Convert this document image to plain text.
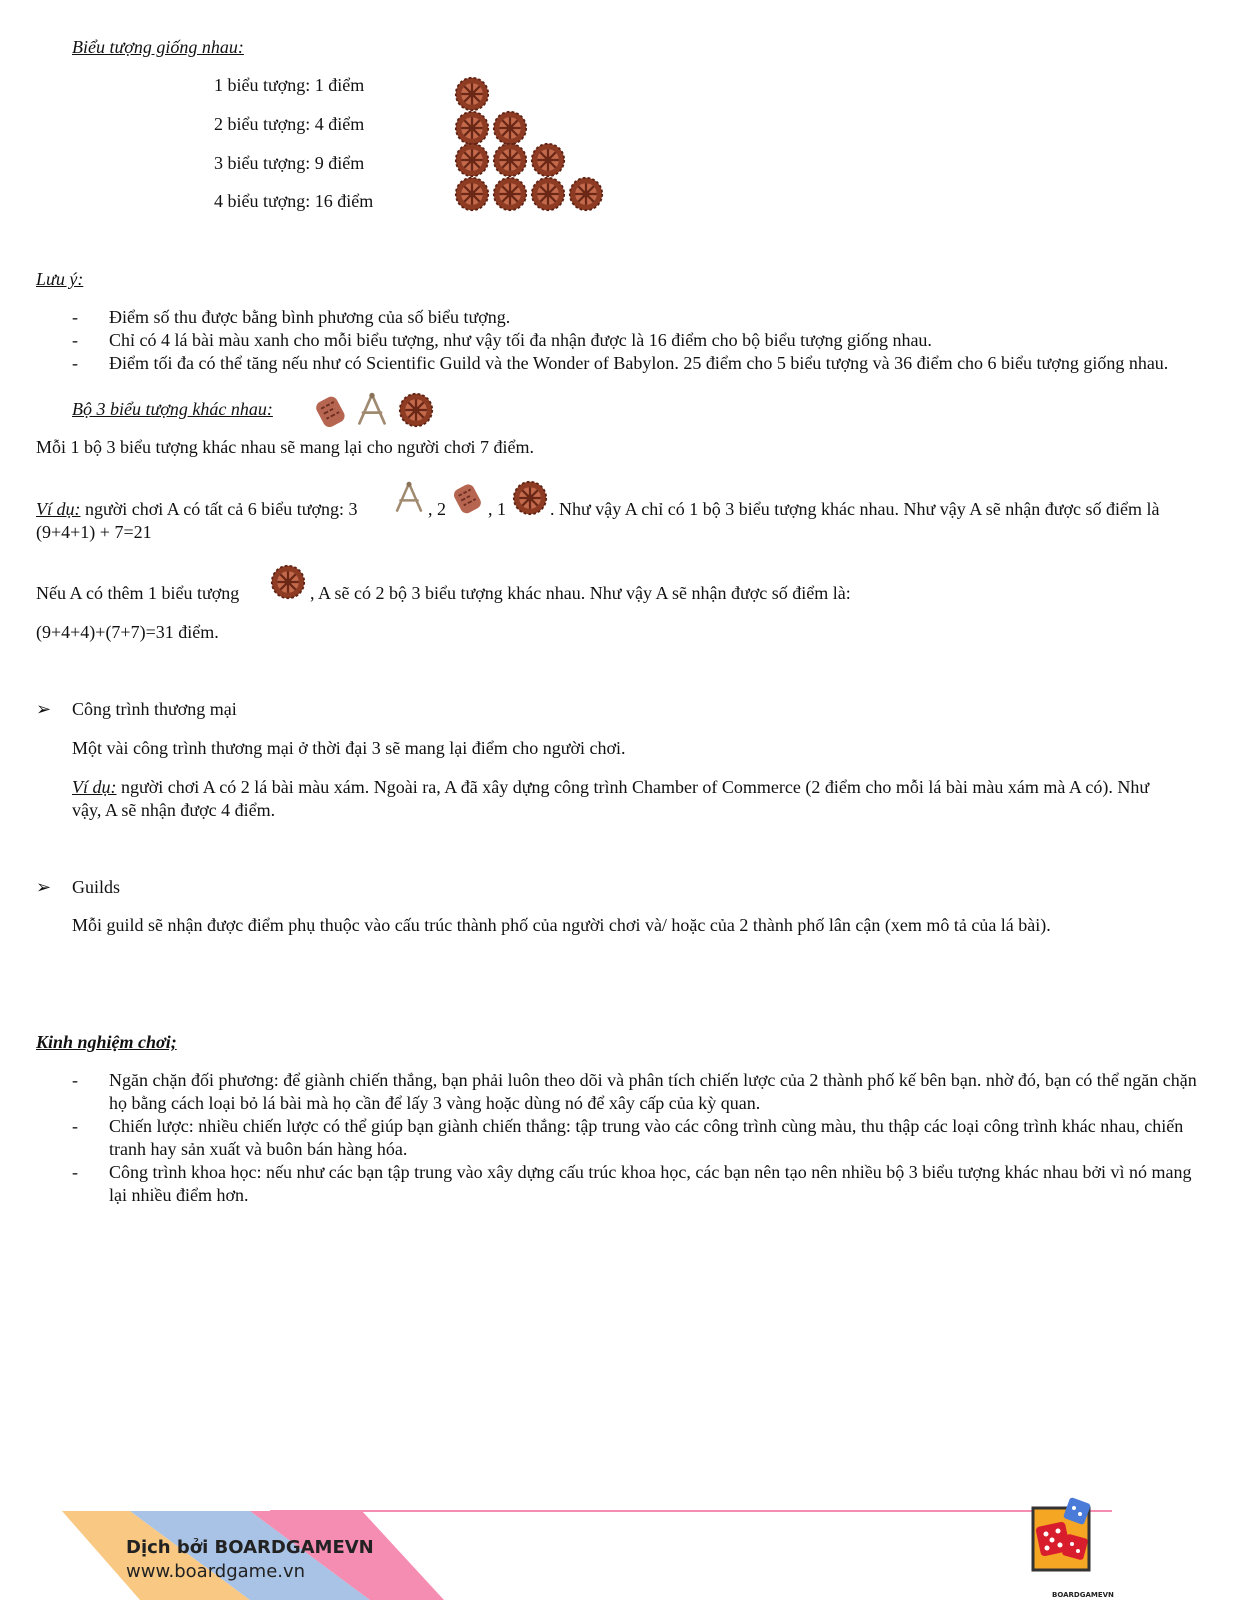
Biểu tượng giống nhau:
1 biểu tượng: 1 điểm
2 biểu tượng: 4 điểm
3 biểu tượng: 9 điểm
4 biểu tượng: 16 điểm
Lưu ý:
- Điểm số thu được bằng bình phương của số biểu tượng.
- Chỉ có 4 lá bài màu xanh cho mỗi biểu tượng, như vậy tối đa nhận được là 16 điểm cho bộ biểu tượng giống nhau.
- Điểm tối đa có thể tăng nếu như có Scientific Guild và the Wonder of Babylon. 25 điểm cho 5 biểu tượng và 36 điểm cho 6 biểu tượng giống nhau.
Bộ 3 biểu tượng khác nhau:
Mỗi 1 bộ 3 biểu tượng khác nhau sẽ mang lại cho người chơi 7 điểm.
Ví dụ: người chơi A có tất cả 6 biểu tượng: 3	, 2 , 1	. Như vậy A chỉ có 1 bộ 3 biểu tượng khác nhau. Như vậy A sẽ nhận được số điểm là (9+4+1) + 7=21
Nếu A có thêm 1 biểu tượng	, A sẽ có 2 bộ 3 biểu tượng khác nhau. Như vậy A sẽ nhận được số điểm là:
(9+4+4)+(7+7)=31 điểm.
➢ Công trình thương mại
Một vài công trình thương mại ở thời đại 3 sẽ mang lại điểm cho người chơi.
Ví dụ: người chơi A có 2 lá bài màu xám. Ngoài ra, A đã xây dựng công trình Chamber of Commerce (2 điểm cho mỗi lá bài màu xám mà A có). Như vậy, A sẽ nhận được 4 điểm.
➢ Guilds
Mỗi guild sẽ nhận được điểm phụ thuộc vào cấu trúc thành phố của người chơi và/ hoặc của 2 thành phố lân cận (xem mô tả của lá bài).
Kinh nghiệm chơi;
- Ngăn chặn đối phương: để giành chiến thắng, bạn phải luôn theo dõi và phân tích chiến lược của 2 thành phố kế bên bạn. nhờ đó, bạn có thể ngăn chặn họ bằng cách loại bỏ lá bài mà họ cần để lấy 3 vàng hoặc dùng nó để xây cấp của kỳ quan.
- Chiến lược: nhiều chiến lược có thể giúp bạn giành chiến thắng: tập trung vào các công trình cùng màu, thu thập các loại công trình khác nhau, chiến tranh hay sản xuất và buôn bán hàng hóa.
- Công trình khoa học: nếu như các bạn tập trung vào xây dựng cấu trúc khoa học, các bạn nên tạo nên nhiều bộ 3 biểu tượng khác nhau bởi vì nó mang lại nhiều điểm hơn.
Dịch bởi BOARDGAMEVN
www.boardgame.vn
BOARDGAMEVN
